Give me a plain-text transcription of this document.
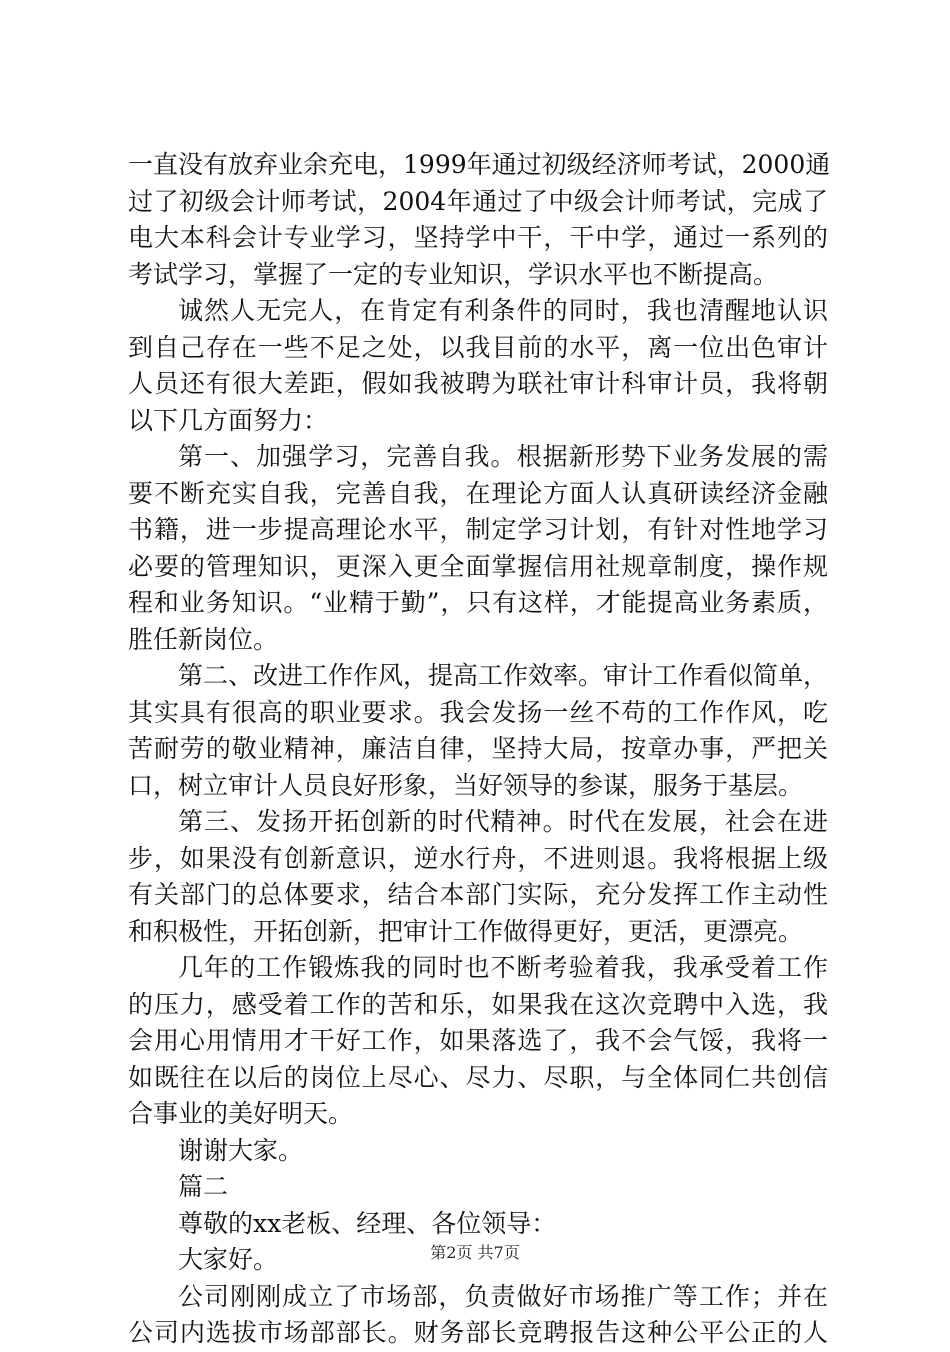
一直没有放弃业余充电，1999年通过初级经济师考试，2000通
过了初级会计师考试，2004年通过了中级会计师考试，完成了
电大本科会计专业学习，坚持学中干，干中学，通过一系列的
考试学习，掌握了一定的专业知识，学识水平也不断提高。
诚然人无完人，在肯定有利条件的同时，我也清醒地认识
到自己存在一些不足之处，以我目前的水平，离一位出色审计
人员还有很大差距，假如我被聘为联社审计科审计员，我将朝
以下几方面努力：
第一、加强学习，完善自我。根据新形势下业务发展的需
要不断充实自我，完善自我，在理论方面人认真研读经济金融
书籍，进一步提高理论水平，制定学习计划，有针对性地学习
必要的管理知识，更深入更全面掌握信用社规章制度，操作规
程和业务知识。“业精于勤”，只有这样，才能提高业务素质，
胜任新岗位。
第二、改进工作作风，提高工作效率。审计工作看似简单，
其实具有很高的职业要求。我会发扬一丝不苟的工作作风，吃
苦耐劳的敬业精神，廉洁自律，坚持大局，按章办事，严把关
口，树立审计人员良好形象，当好领导的参谋，服务于基层。
第三、发扬开拓创新的时代精神。时代在发展，社会在进
步，如果没有创新意识，逆水行舟，不进则退。我将根据上级
有关部门的总体要求，结合本部门实际，充分发挥工作主动性
和积极性，开拓创新，把审计工作做得更好，更活，更漂亮。
几年的工作锻炼我的同时也不断考验着我，我承受着工作
的压力，感受着工作的苦和乐，如果我在这次竞聘中入选，我
会用心用情用才干好工作，如果落选了，我不会气馁，我将一
如既往在以后的岗位上尽心、尽力、尽职，与全体同仁共创信
合事业的美好明天。
谢谢大家。
篇二
尊敬的xx老板、经理、各位领导：
大家好。
公司刚刚成立了市场部，负责做好市场推广等工作；并在
公司内选拔市场部部长。财务部长竞聘报告这种公平公正的人
第2页 共7页
